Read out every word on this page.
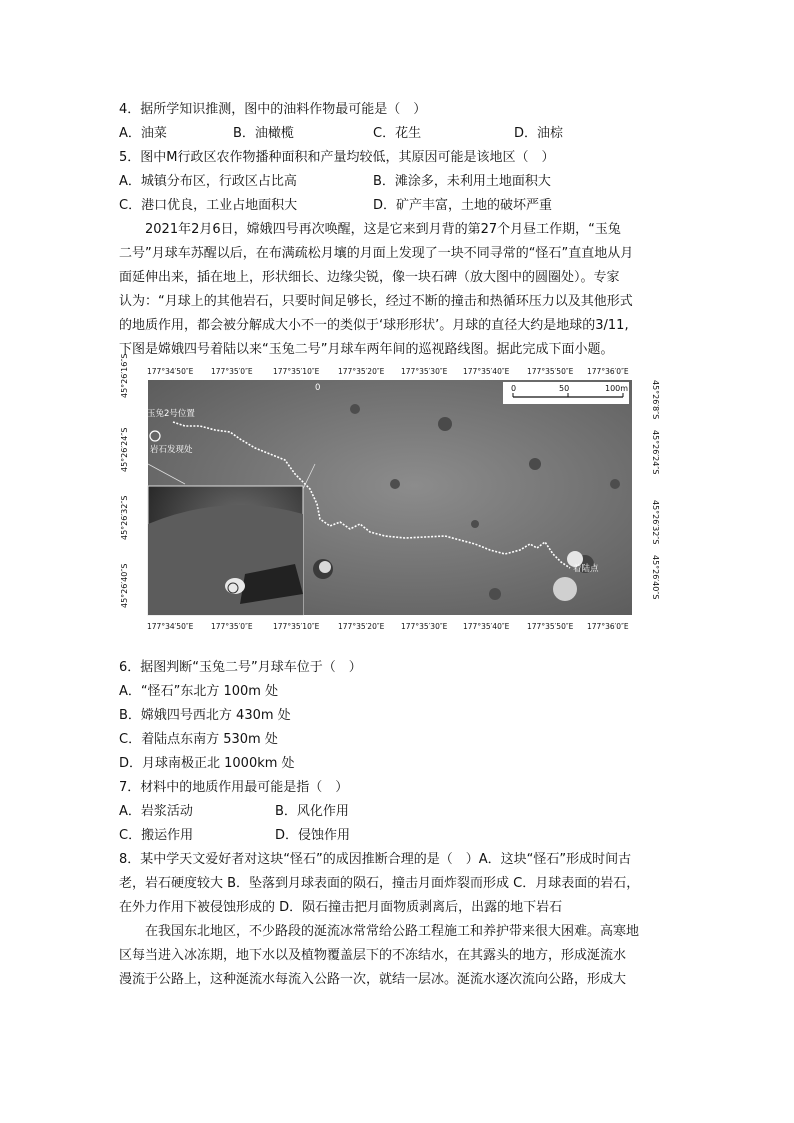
4．据所学知识推测，图中的油料作物最可能是（　）
A．油菜	B．油橄榄	C．花生	D．油棕
5．图中M行政区农作物播种面积和产量均较低，其原因可能是该地区（　）
A．城镇分布区，行政区占比高	B．滩涂多，未利用土地面积大
C．港口优良，工业占地面积大	D．矿产丰富，土地的破坏严重
　　2021年2月6日，嫦娥四号再次唤醒，这是它来到月背的第27个月昼工作期，“玉兔
二号”月球车苏醒以后，在布满疏松月壤的月面上发现了一块不同寻常的“怪石”直直地从月
面延伸出来，插在地上，形状细长、边缘尖锐，像一块石碑（放大图中的圆圈处）。专家
认为：“月球上的其他岩石，只要时间足够长，经过不断的撞击和热循环压力以及其他形式
的地质作用，都会被分解成大小不一的类似于‘球形形状’。月球的直径大约是地球的3/11,
下图是嫦娥四号着陆以来“玉兔二号”月球车两年间的巡视路线图。据此完成下面小题。
0	50	100m
玉兔2号位置
岩石发现处
着陆点
0
177°34′50″E 177°35′0″E	177°35′10″E 177°35′20″E 177°35′30″E 177°35′40″E 177°35′50″E 177°36′0″E
177°34′50″E 177°35′0″E	177°35′10″E 177°35′20″E 177°35′30″E 177°35′40″E 177°35′50″E 177°36′0″E
45°26′16″S
45°26′24″S
45°26′32″S
45°26′40″S
45°26′8″S
45°26′24″S
45°26′32″S
45°26′40″S
6．据图判断“玉兔二号”月球车位于（　）
A．“怪石”东北方 100m 处
B．嫦娥四号西北方 430m 处
C．着陆点东南方 530m 处
D．月球南极正北 1000km 处
7．材料中的地质作用最可能是指（　）
A．岩浆活动	B．风化作用
C．搬运作用	D．侵蚀作用
8．某中学天文爱好者对这块“怪石”的成因推断合理的是（　）A．这块“怪石”形成时间古
老，岩石硬度较大 B．坠落到月球表面的陨石，撞击月面炸裂而形成 C．月球表面的岩石，
在外力作用下被侵蚀形成的 D．陨石撞击把月面物质剥离后，出露的地下岩石
　　在我国东北地区，不少路段的涎流冰常常给公路工程施工和养护带来很大困难。高寒地
区每当进入冰冻期，地下水以及植物覆盖层下的不冻结水，在其露头的地方，形成涎流水
漫流于公路上，这种涎流水每流入公路一次，就结一层冰。涎流水逐次流向公路，形成大
